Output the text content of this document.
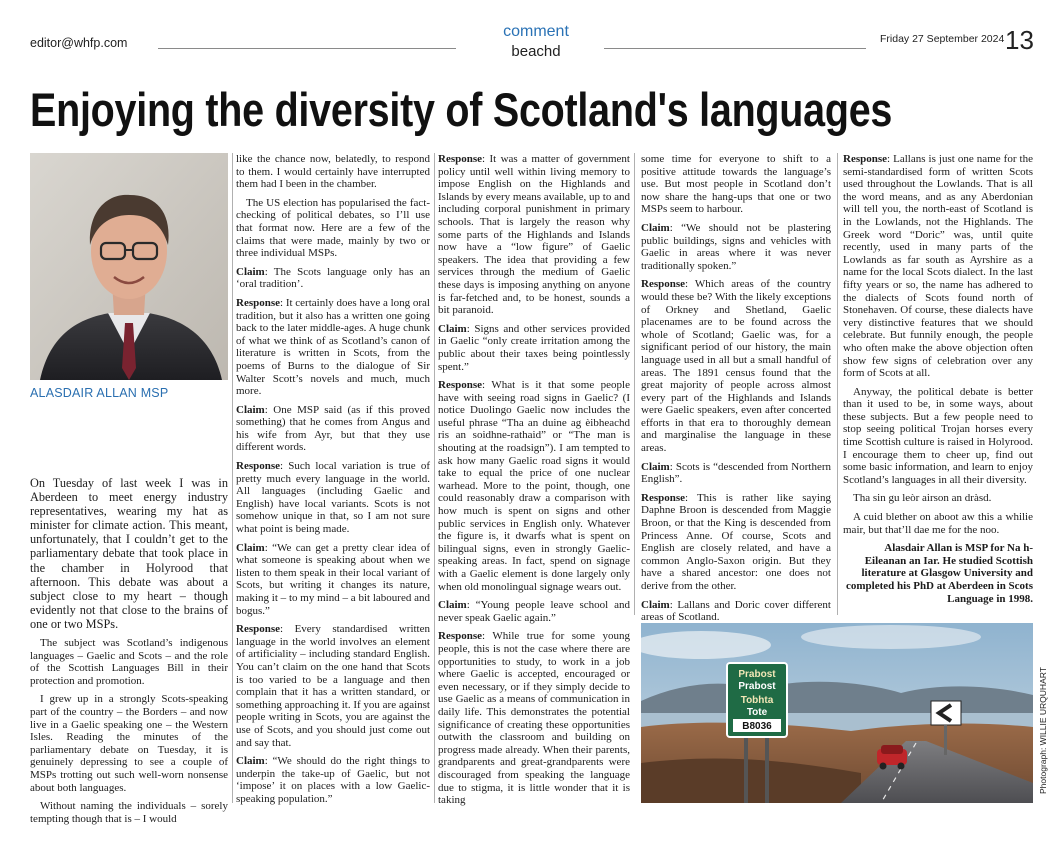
editor@whfp.com
comment
beachd
Friday 27 September 2024 13
Enjoying the diversity of Scotland's languages
ALASDAIR ALLAN MSP

On Tuesday of last week I was in Aberdeen to meet energy industry representatives, wearing my hat as minister for climate action. This meant, unfortunately, that I couldn’t get to the parliamentary debate that took place in the chamber in Holyrood that afternoon. This debate was about a subject close to my heart – though evidently not that close to the brains of one or two MSPs.

The subject was Scotland’s indigenous languages – Gaelic and Scots – and the role of the Scottish Languages Bill in their protection and promotion.

I grew up in a strongly Scots-speaking part of the country – the Borders – and now live in a Gaelic speaking one – the Western Isles. Reading the minutes of the parliamentary debate on Tuesday, it is genuinely depressing to see a couple of MSPs trotting out such well-worn nonsense about both languages.

Without naming the individuals – sorely tempting though that is – I would

like the chance now, belatedly, to respond to them. I would certainly have interrupted them had I been in the chamber.

The US election has popularised the fact-checking of political debates, so I’ll use that format now. Here are a few of the claims that were made, mainly by two or three individual MSPs.

Claim: The Scots language only has an ‘oral tradition’.

Response: It certainly does have a long oral tradition, but it also has a written one going back to the later middle-ages. A huge chunk of what we think of as Scotland’s canon of literature is written in Scots, from the poems of Burns to the dialogue of Sir Walter Scott’s novels and much, much more.

Claim: One MSP said (as if this proved something) that he comes from Angus and his wife from Ayr, but that they use different words.

Response: Such local variation is true of pretty much every language in the world. All languages (including Gaelic and English) have local variants. Scots is not somehow unique in that, so I am not sure what point is being made.

Claim: “We can get a pretty clear idea of what someone is speaking about when we listen to them speak in their local variant of Scots, but writing it changes its nature, making it – to my mind – a bit laboured and bogus.”

Response: Every standardised written language in the world involves an element of artificiality – including standard English. You can’t claim on the one hand that Scots is too varied to be a language and then complain that it has a written standard, or something approaching it. If you are against people writing in Scots, you are against the use of Scots, and you should just come out and say that.

Claim: “We should do the right things to underpin the take-up of Gaelic, but not ‘impose’ it on places with a low Gaelic-speaking population.”

Response: It was a matter of government policy until well within living memory to impose English on the Highlands and Islands by every means available, up to and including corporal punishment in primary schools. That is largely the reason why some parts of the Highlands and Islands now have a “low figure” of Gaelic speakers. The idea that providing a few services through the medium of Gaelic these days is imposing anything on anyone is far-fetched and, to be honest, sounds a bit paranoid.

Claim: Signs and other services provided in Gaelic “only create irritation among the public about their taxes being pointlessly spent.”

Response: What is it that some people have with seeing road signs in Gaelic? (I notice Duolingo Gaelic now includes the useful phrase “Tha an duine ag èibheachd ris an soidhne-rathaid” or “The man is shouting at the roadsign”). I am tempted to ask how many Gaelic road signs it would take to equal the price of one nuclear warhead. More to the point, though, one could reasonably draw a comparison with how much is spent on signs and other public services in English only. Whatever the figure is, it dwarfs what is spent on bilingual signs, even in strongly Gaelic-speaking areas. In fact, spend on signage with a Gaelic element is done largely only when old monolingual signage wears out.

Claim: “Young people leave school and never speak Gaelic again.”

Response: While true for some young people, this is not the case where there are opportunities to study, to work in a job where Gaelic is accepted, encouraged or even necessary, or if they simply decide to use Gaelic as a means of communication in daily life. This demonstrates the potential significance of creating these opportunities outwith the classroom and building on progress made already. When their parents, grandparents and great-grandparents were discouraged from speaking the language due to stigma, it is little wonder that it is taking

some time for everyone to shift to a positive attitude towards the language’s use. But most people in Scotland don’t now share the hang-ups that one or two MSPs seem to harbour.

Claim: “We should not be plastering public buildings, signs and vehicles with Gaelic in areas where it was never traditionally spoken.”

Response: Which areas of the country would these be? With the likely exceptions of Orkney and Shetland, Gaelic placenames are to be found across the whole of Scotland; Gaelic was, for a significant period of our history, the main language used in all but a small handful of areas. The 1891 census found that the great majority of people across almost every part of the Highlands and Islands were Gaelic speakers, even after concerted efforts in that era to thoroughly demean and marginalise the language in these areas.

Claim: Scots is “descended from Northern English”.

Response: This is rather like saying Daphne Broon is descended from Maggie Broon, or that the King is descended from Princess Anne. Of course, Scots and English are closely related, and have a common Anglo-Saxon origin. But they have a shared ancestor: one does not derive from the other.

Claim: Lallans and Doric cover different areas of Scotland.

Response: Lallans is just one name for the semi-standardised form of written Scots used throughout the Lowlands. That is all the word means, and as any Aberdonian will tell you, the north-east of Scotland is in the Lowlands, not the Highlands. The Greek word “Doric” was, until quite recently, used in many parts of the Lowlands as far south as Ayrshire as a name for the local Scots dialect. In the last fifty years or so, the name has adhered to the dialects of Scots found north of Stonehaven. Of course, these dialects have very distinctive features that we should celebrate. But funnily enough, the people who often make the above objection often show few signs of celebration over any form of Scots at all.

Anyway, the political debate is better than it used to be, in some ways, about these subjects. But a few people need to stop seeing political Trojan horses every time Scottish culture is raised in Holyrood. I encourage them to cheer up, find out some basic information, and learn to enjoy Scotland’s languages in all their diversity.

Tha sin gu leòr airson an dràsd.

A cuid blether on aboot aw this a whilie mair, but that’ll dae me for the noo.

Alasdair Allan is MSP for Na h-Eileanan an Iar. He studied Scottish literature at Glasgow University and completed his PhD at Aberdeen in Scots Language in 1998.

Prabost
Prabost
Tobhta
Tote
B8036	Photograph: WILLIE URQUHART
